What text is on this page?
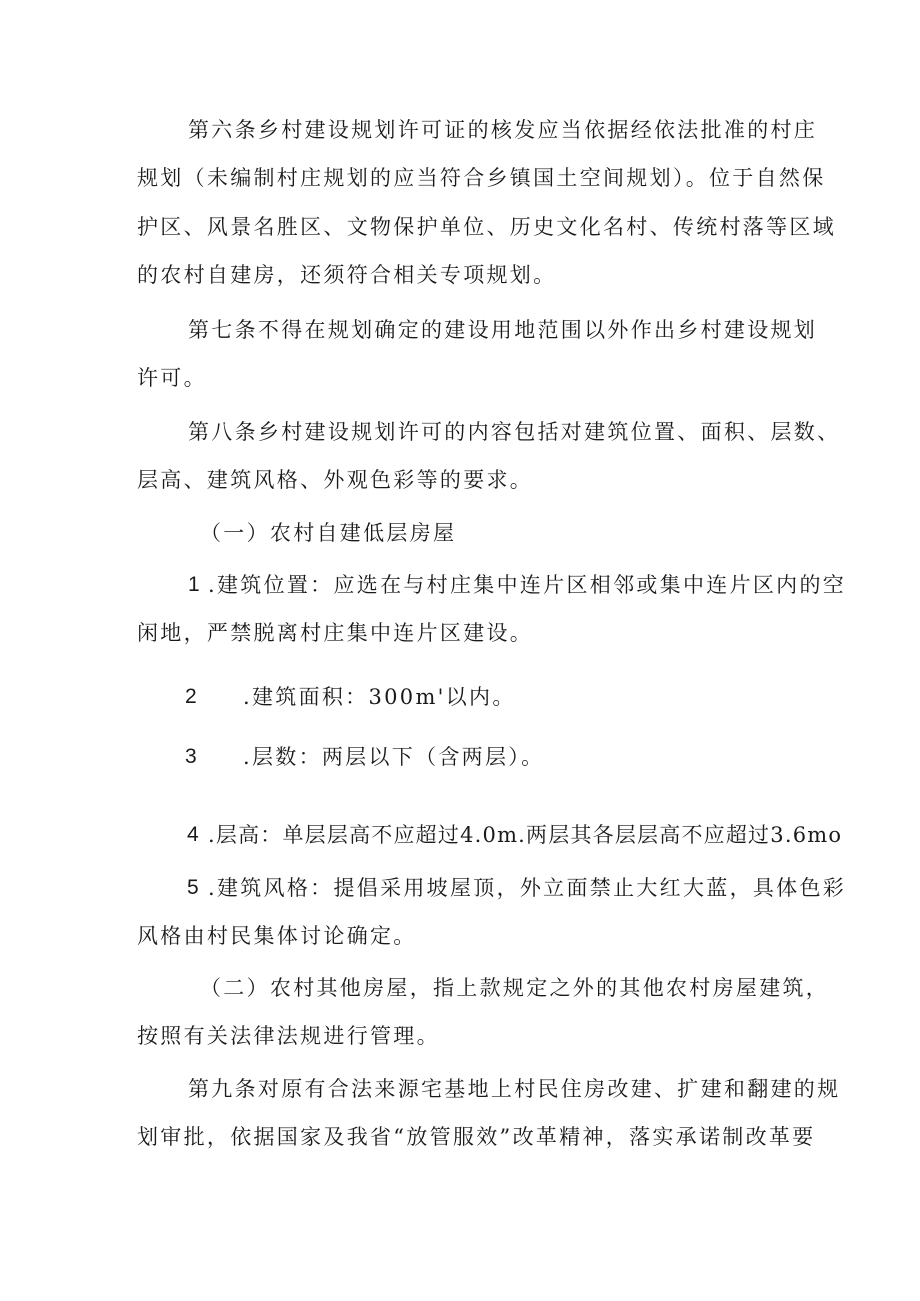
第六条乡村建设规划许可证的核发应当依据经依法批准的村庄
规划（未编制村庄规划的应当符合乡镇国土空间规划）。位于自然保
护区、风景名胜区、文物保护单位、历史文化名村、传统村落等区域
的农村自建房，还须符合相关专项规划。
第七条不得在规划确定的建设用地范围以外作出乡村建设规划
许可。
第八条乡村建设规划许可的内容包括对建筑位置、面积、层数、
层高、建筑风格、外观色彩等的要求。
（一）农村自建低层房屋
1 .建筑位置：应选在与村庄集中连片区相邻或集中连片区内的空
闲地，严禁脱离村庄集中连片区建设。
2 .建筑面积：300m'以内。
3 .层数：两层以下（含两层）。
4 .层高：单层层高不应超过4.0m.两层其各层层高不应超过3.6mo
5 .建筑风格：提倡采用坡屋顶，外立面禁止大红大蓝，具体色彩
风格由村民集体讨论确定。
（二）农村其他房屋，指上款规定之外的其他农村房屋建筑，
按照有关法律法规进行管理。
第九条对原有合法来源宅基地上村民住房改建、扩建和翻建的规
划审批，依据国家及我省“放管服效”改革精神，落实承诺制改革要
